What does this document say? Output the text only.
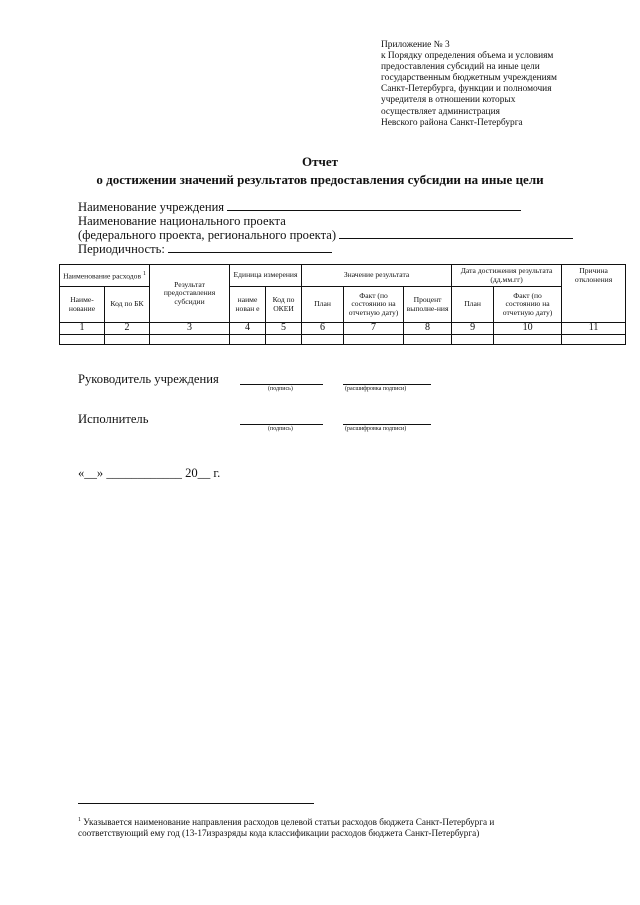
Приложение № 3
к Порядку определения объема и условиям
предоставления субсидий на иные цели
государственным бюджетным учреждениям
Санкт-Петербурга, функции и полномочия
учредителя в отношении которых
осуществляет администрация
Невского района Санкт-Петербурга
Отчет
о достижении значений результатов предоставления субсидии на иные цели
Наименование учреждения
Наименование национального проекта
(федерального проекта, регионального проекта)
Периодичность:
Наименование расходов $^1$		Результат предоставления субсидии	Единица измерения		Значение результата			Дата достижения результата (дд.мм.гг)		Причина отклонения
Наиме-нование	Код по БК		наиме нован е	Код по ОКЕИ	План	Факт (по состоянию на отчетную дату)	Процент выполне-ния	План	Факт (по состоянию на отчетную дату)	
1	2	3	4	5	6	7	8	9	10	11

Руководитель учреждения
(подпись)	(расшифровка подписи)
Исполнитель
(подпись)	(расшифровка подписи)
«__» ____________ 20__ г.
$^1$ Указывается наименование направления расходов целевой статьи расходов бюджета Санкт-Петербурга и соответствующий ему год (13-17изразряды кода классификации расходов бюджета Санкт-Петербурга)
